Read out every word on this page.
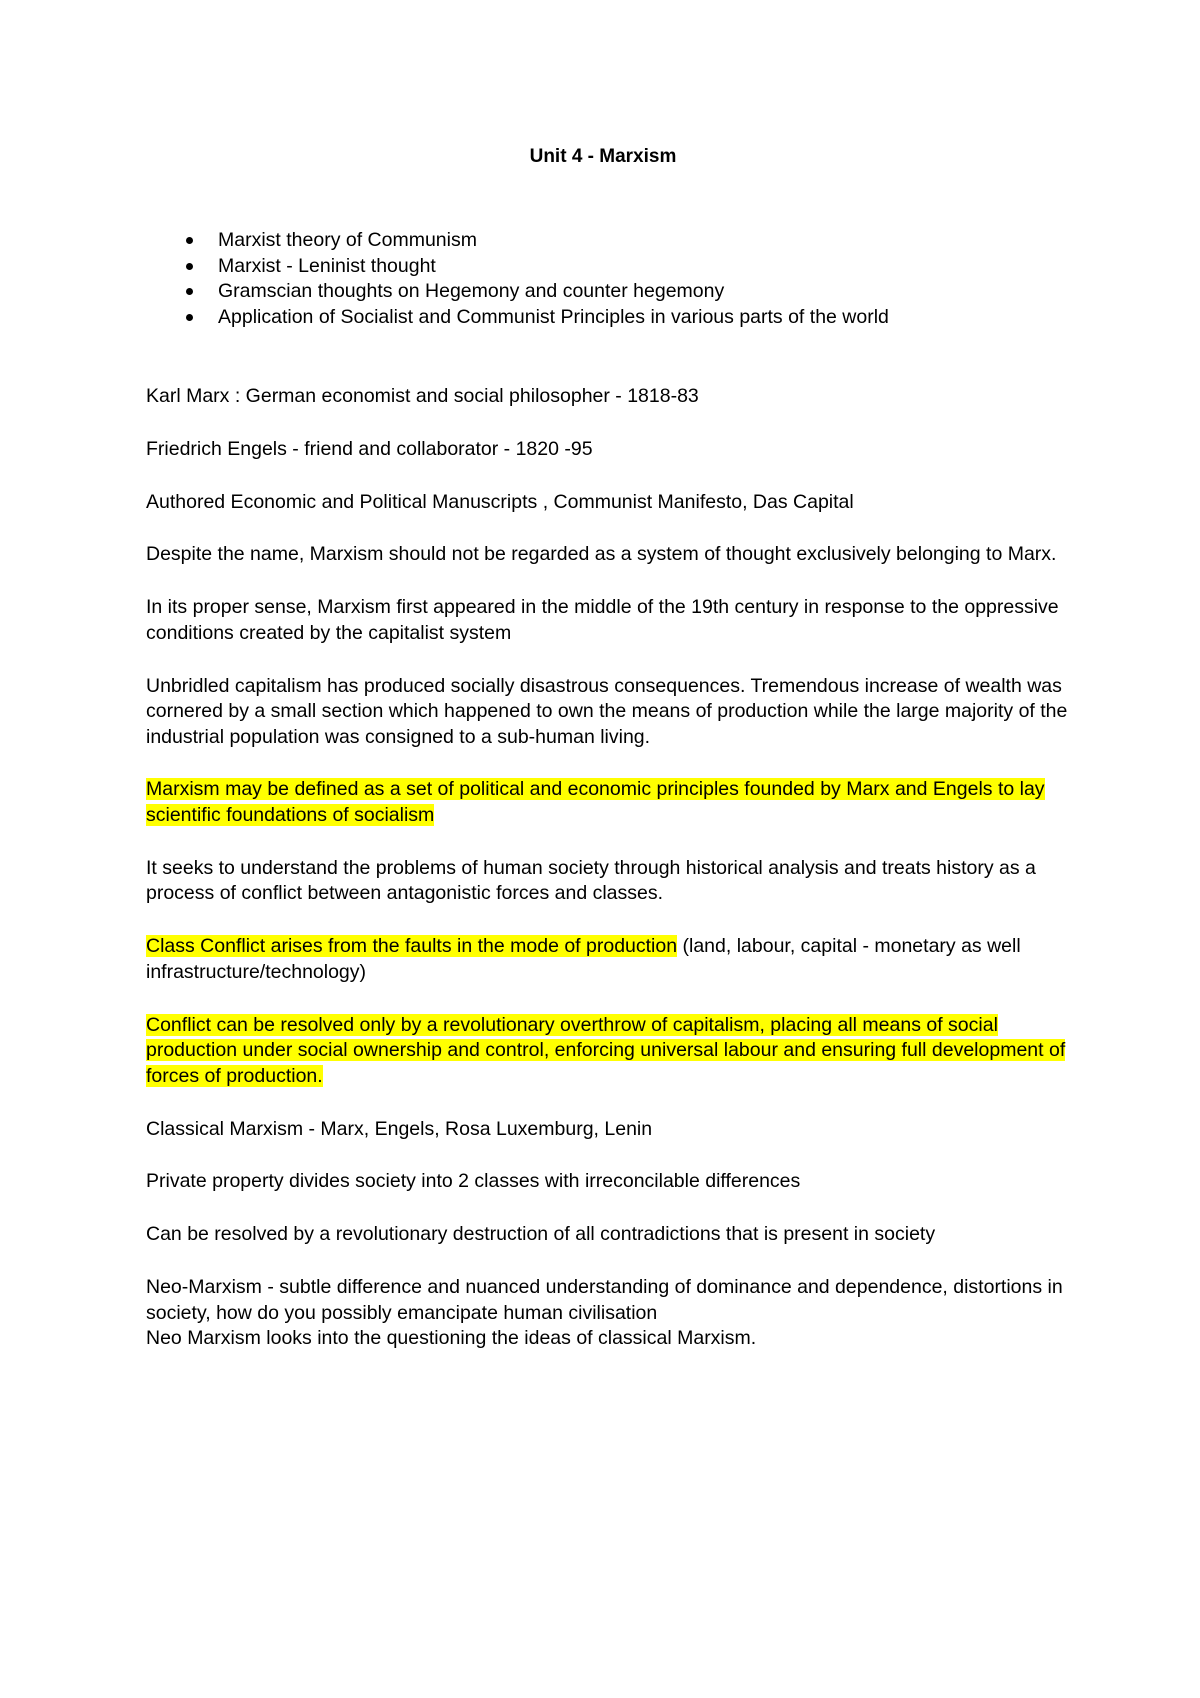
Unit 4 - Marxism
Marxist theory of Communism
Marxist - Leninist thought
Gramscian thoughts on Hegemony and counter hegemony
Application of Socialist and Communist Principles in various parts of the world

Karl Marx : German economist and social philosopher - 1818-83

Friedrich Engels - friend and collaborator - 1820 -95

Authored Economic and Political Manuscripts , Communist Manifesto, Das Capital

Despite the name, Marxism should not be regarded as a system of thought exclusively belonging to Marx.

In its proper sense, Marxism first appeared in the middle of the 19th century in response to the oppressive conditions created by the capitalist system

Unbridled capitalism has produced socially disastrous consequences. Tremendous increase of wealth was cornered by a small section which happened to own the means of production while the large majority of the industrial population was consigned to a sub-human living.

Marxism may be defined as a set of political and economic principles founded by Marx and Engels to lay scientific foundations of socialism

It seeks to understand the problems of human society through historical analysis and treats history as a process of conflict between antagonistic forces and classes.

Class Conflict arises from the faults in the mode of production (land, labour, capital - monetary as well infrastructure/technology)

Conflict can be resolved only by a revolutionary overthrow of capitalism, placing all means of social production under social ownership and control, enforcing universal labour and ensuring full development of forces of production.

Classical Marxism - Marx, Engels, Rosa Luxemburg, Lenin

Private property divides society into 2 classes with irreconcilable differences

Can be resolved by a revolutionary destruction of all contradictions that is present in society

Neo-Marxism - subtle difference and nuanced understanding of dominance and dependence, distortions in society, how do you possibly emancipate human civilisation
Neo Marxism looks into the questioning the ideas of classical Marxism.
